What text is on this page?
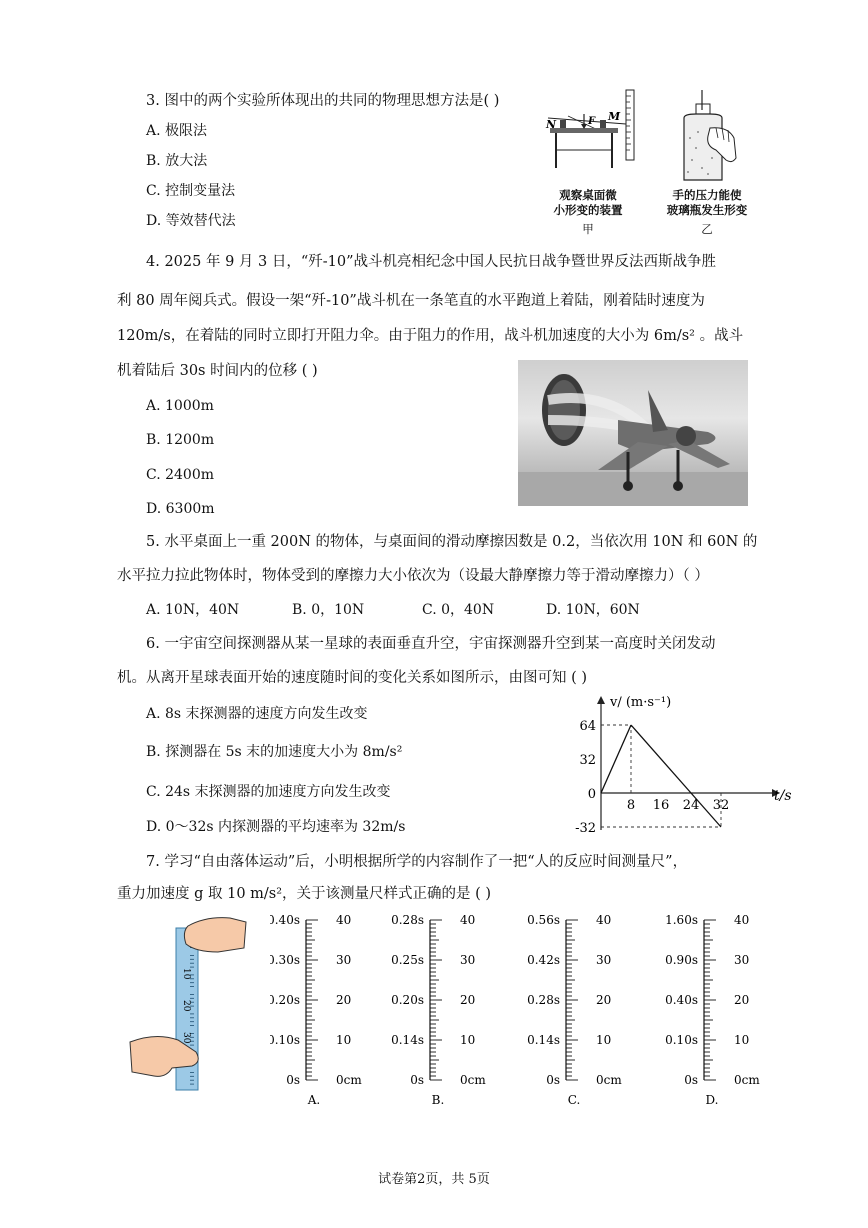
3. 图中的两个实验所体现出的共同的物理思想方法是( )
A. 极限法
B. 放大法
C. 控制变量法
D. 等效替代法
N
M
F
观察桌面微
小形变的装置
甲
手的压力能使
玻璃瓶发生形变
乙
4. 2025 年 9 月 3 日，“歼-10”战斗机亮相纪念中国人民抗日战争暨世界反法西斯战争胜
利 80 周年阅兵式。假设一架“歼-10”战斗机在一条笔直的水平跑道上着陆，刚着陆时速度为
120m/s，在着陆的同时立即打开阻力伞。由于阻力的作用，战斗机加速度的大小为 6m/s² 。战斗
机着陆后 30s 时间内的位移 ( )
A. 1000m
B. 1200m
C. 2400m
D. 6300m
5. 水平桌面上一重 200N 的物体，与桌面间的滑动摩擦因数是 0.2，当依次用 10N 和 60N 的
水平拉力拉此物体时，物体受到的摩擦力大小依次为（设最大静摩擦力等于滑动摩擦力）（ ）
A. 10N，40N	B. 0，10N	C. 0，40N	D. 10N，60N
6. 一宇宙空间探测器从某一星球的表面垂直升空，宇宙探测器升空到某一高度时关闭发动
机。从离开星球表面开始的速度随时间的变化关系如图所示，由图可知 ( )
A. 8s 末探测器的速度方向发生改变
B. 探测器在 5s 末的加速度大小为 8m/s²
C. 24s 末探测器的加速度方向发生改变
D. 0～32s 内探测器的平均速率为 32m/s
v/ (m·s⁻¹)
t/s
8 16 24 32
64
32
0
-32
7. 学习“自由落体运动”后，小明根据所学的内容制作了一把“人的反应时间测量尺”，
重力加速度 g 取 10 m/s²，关于该测量尺样式正确的是 ( )
10
20
30
0.40s	40
0.30s	30
0.20s	20
0.10s	10
0s	0cm
A.
0.28s	40
0.25s	30
0.20s	20
0.14s	10
0s	0cm
B.
0.56s	40
0.42s	30
0.28s	20
0.14s	10
0s	0cm
C.
1.60s	40
0.90s	30
0.40s	20
0.10s	10
0s	0cm
D.
试卷第2页，共 5页
